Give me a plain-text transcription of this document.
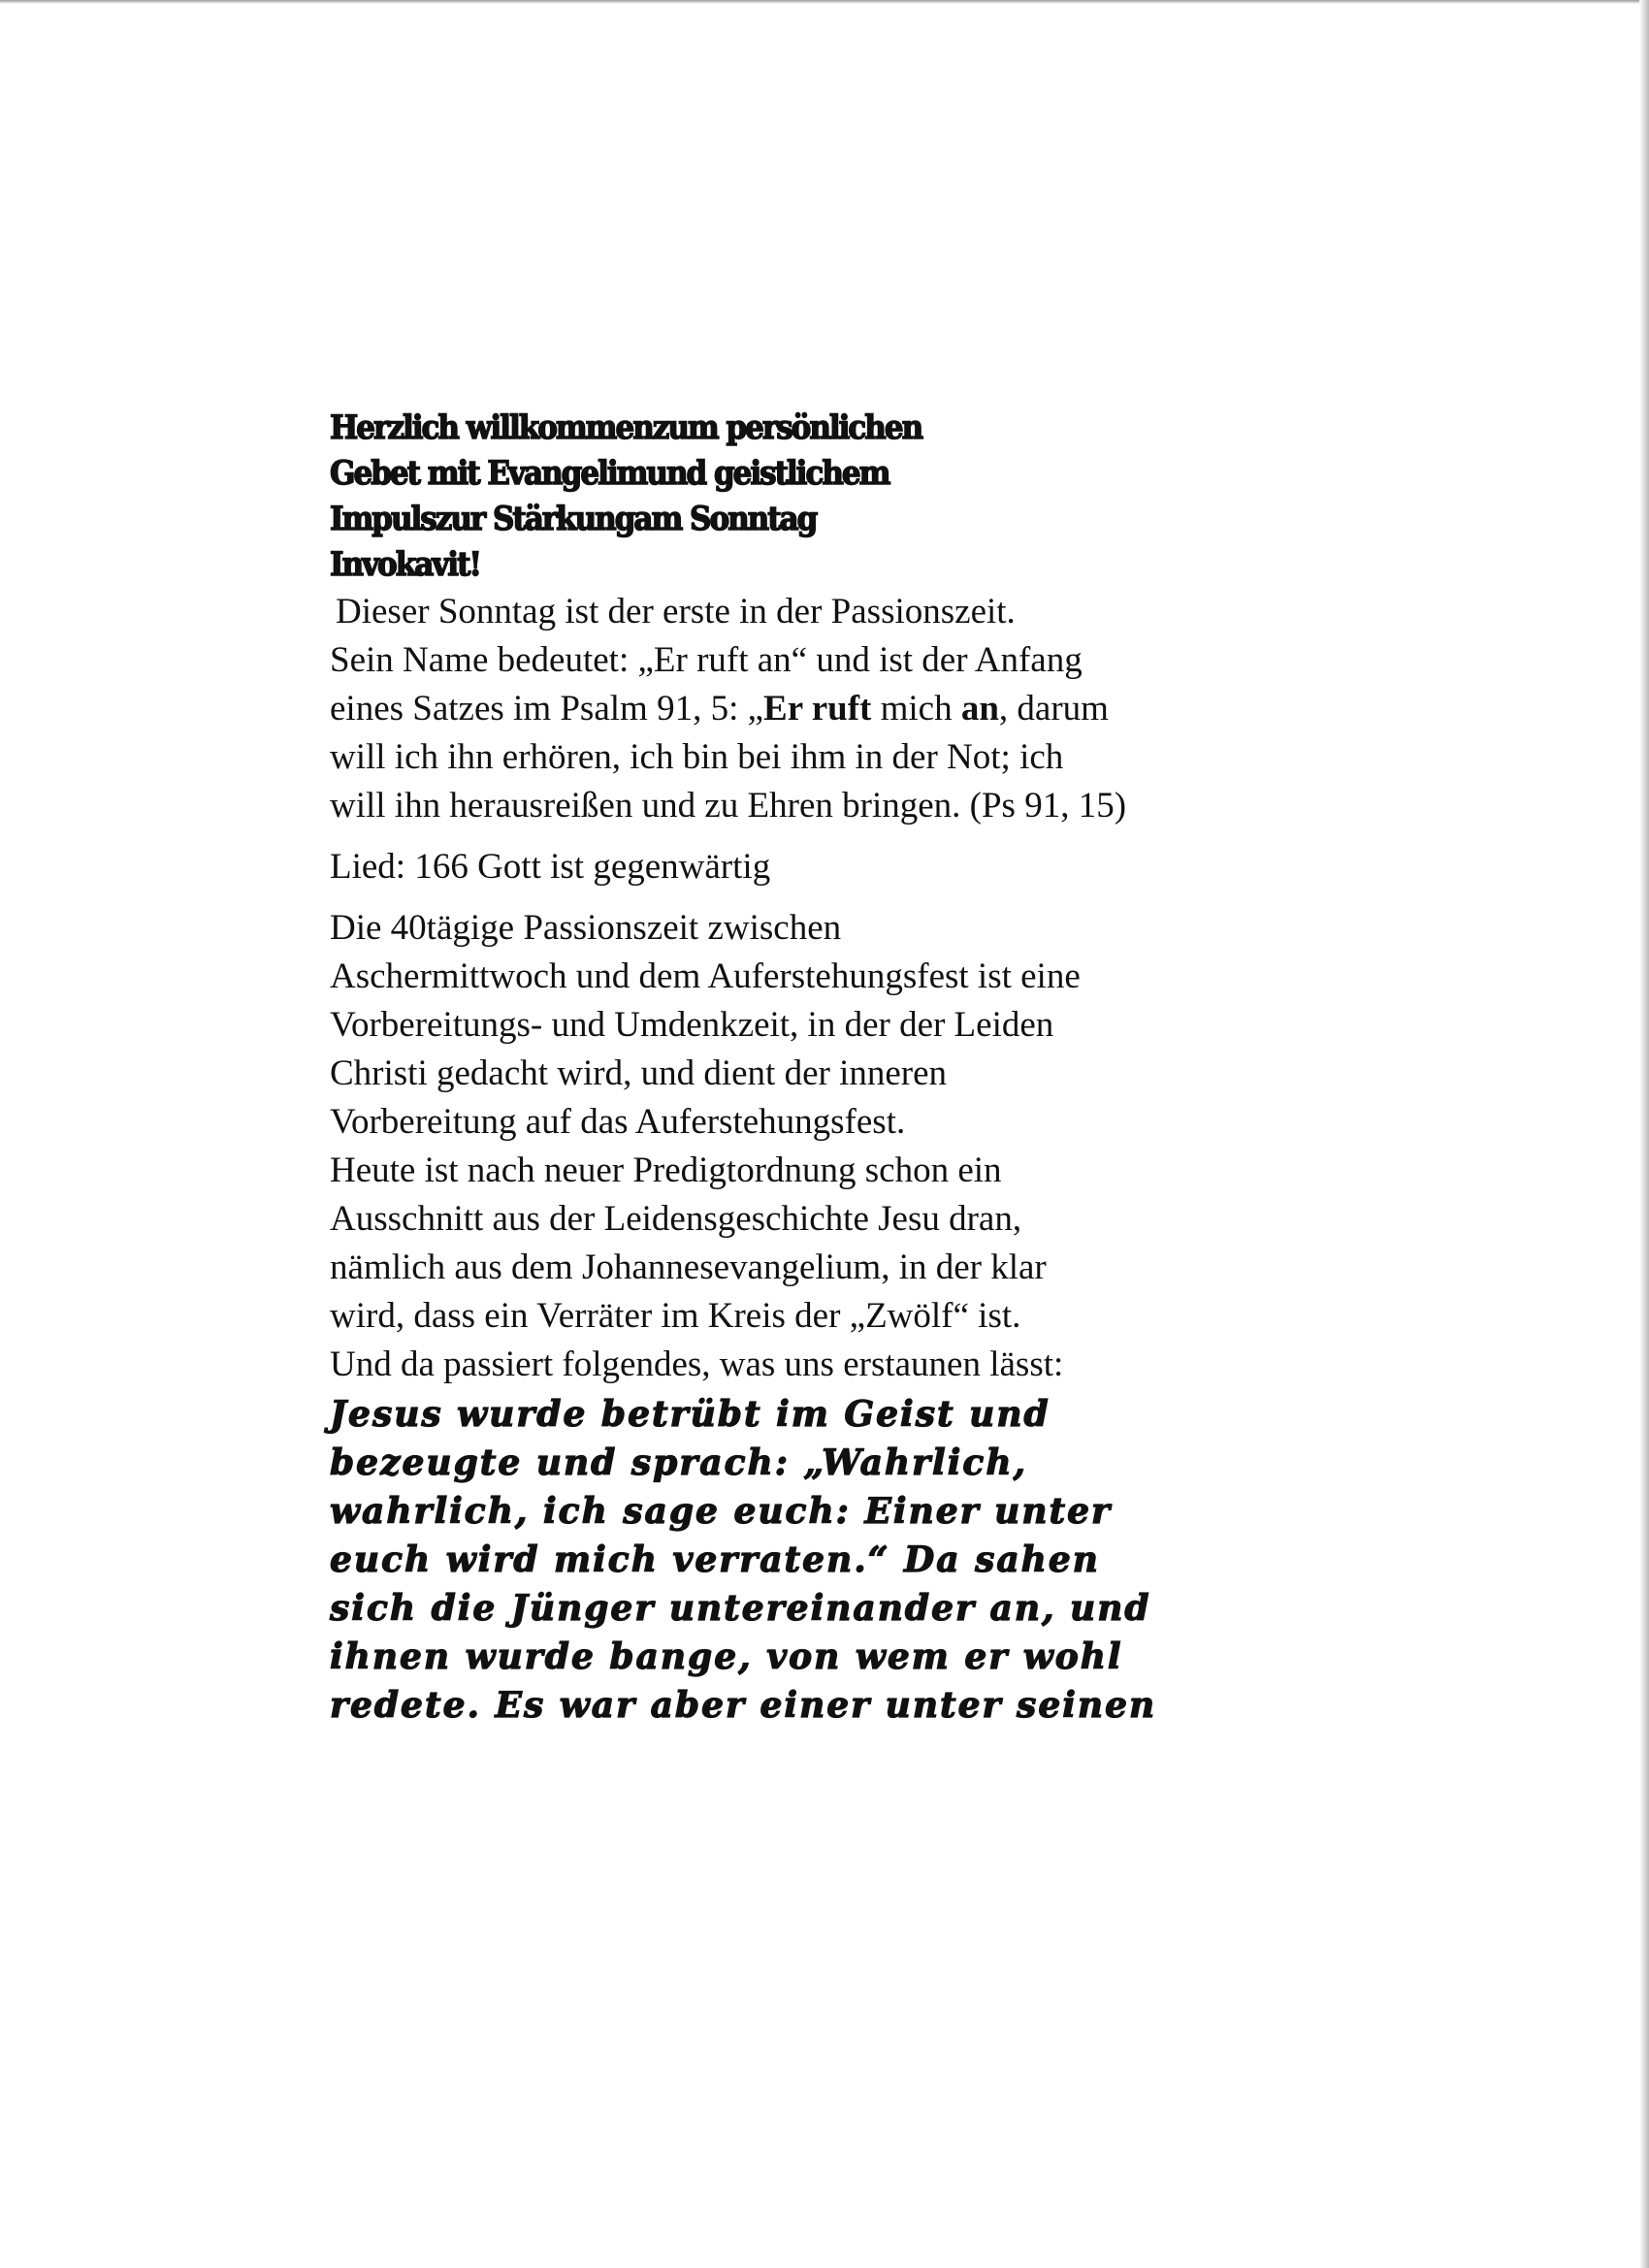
Herzlich willkommenzum persönlichen
Gebet mit Evangelimund geistlichem
Impulszur Stärkungam Sonntag
Invokavit!
Dieser Sonntag ist der erste in der Passionszeit.
Sein Name bedeutet: „Er ruft an“ und ist der Anfang
eines Satzes im Psalm 91, 5: „Er ruft mich an, darum
will ich ihn erhören, ich bin bei ihm in der Not; ich
will ihn herausreißen und zu Ehren bringen. (Ps 91, 15)
Lied: 166 Gott ist gegenwärtig
Die 40tägige Passionszeit zwischen
Aschermittwoch und dem Auferstehungsfest ist eine
Vorbereitungs- und Umdenkzeit, in der der Leiden
Christi gedacht wird, und dient der inneren
Vorbereitung auf das Auferstehungsfest.
Heute ist nach neuer Predigtordnung schon ein
Ausschnitt aus der Leidensgeschichte Jesu dran,
nämlich aus dem Johannesevangelium, in der klar
wird, dass ein Verräter im Kreis der „Zwölf“ ist.
Und da passiert folgendes, was uns erstaunen lässt:
Jesus wurde betrübt im Geist und
bezeugte und sprach: „Wahrlich,
wahrlich, ich sage euch: Einer unter
euch wird mich verraten.“ Da sahen
sich die Jünger untereinander an, und
ihnen wurde bange, von wem er wohl
redete. Es war aber einer unter seinen
